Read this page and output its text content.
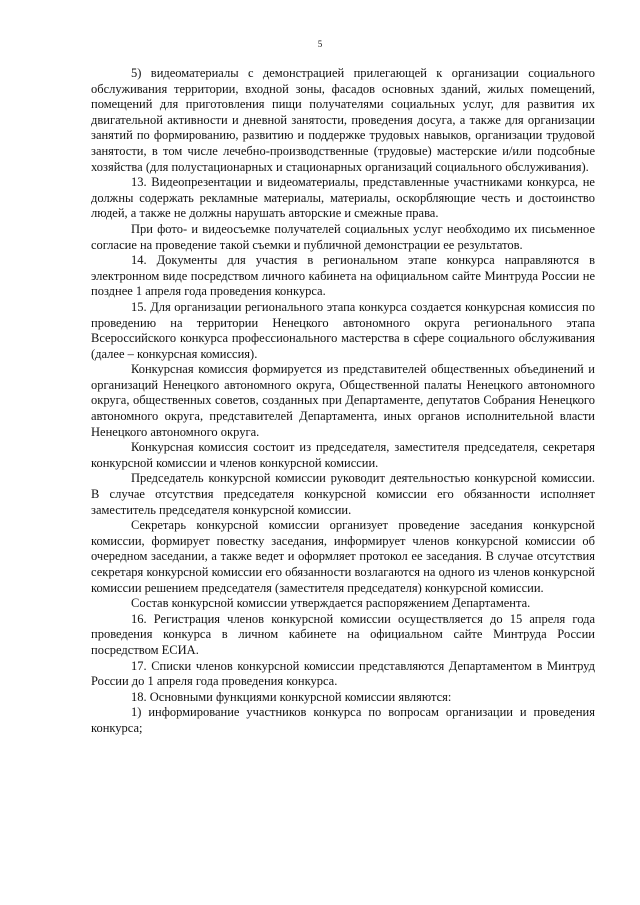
5

5) видеоматериалы с демонстрацией прилегающей к организации социального обслуживания территории, входной зоны, фасадов основных зданий, жилых помещений, помещений для приготовления пищи получателями социальных услуг, для развития их двигательной активности и дневной занятости, проведения досуга, а также для организации занятий по формированию, развитию и поддержке трудовых навыков, организации трудовой занятости, в том числе лечебно-производственные (трудовые) мастерские и/или подсобные хозяйства (для полустационарных и стационарных организаций социального обслуживания).

13. Видеопрезентации и видеоматериалы, представленные участниками конкурса, не должны содержать рекламные материалы, материалы, оскорбляющие честь и достоинство людей, а также не должны нарушать авторские и смежные права.

При фото- и видеосъемке получателей социальных услуг необходимо их письменное согласие на проведение такой съемки и публичной демонстрации ее результатов.

14. Документы для участия в региональном этапе конкурса направляются в электронном виде посредством личного кабинета на официальном сайте Минтруда России не позднее 1 апреля года проведения конкурса.

15. Для организации регионального этапа конкурса создается конкурсная комиссия по проведению на территории Ненецкого автономного округа регионального этапа Всероссийского конкурса профессионального мастерства в сфере социального обслуживания (далее – конкурсная комиссия).

Конкурсная комиссия формируется из представителей общественных объединений и организаций Ненецкого автономного округа, Общественной палаты Ненецкого автономного округа, общественных советов, созданных при Департаменте, депутатов Собрания Ненецкого автономного округа, представителей Департамента, иных органов исполнительной власти Ненецкого автономного округа.

Конкурсная комиссия состоит из председателя, заместителя председателя, секретаря конкурсной комиссии и членов конкурсной комиссии.

Председатель конкурсной комиссии руководит деятельностью конкурсной комиссии. В случае отсутствия председателя конкурсной комиссии его обязанности исполняет заместитель председателя конкурсной комиссии.

Секретарь конкурсной комиссии организует проведение заседания конкурсной комиссии, формирует повестку заседания, информирует членов конкурсной комиссии об очередном заседании, а также ведет и оформляет протокол ее заседания. В случае отсутствия секретаря конкурсной комиссии его обязанности возлагаются на одного из членов конкурсной комиссии решением председателя (заместителя председателя) конкурсной комиссии.

Состав конкурсной комиссии утверждается распоряжением Департамента.

16. Регистрация членов конкурсной комиссии осуществляется до 15 апреля года проведения конкурса в личном кабинете на официальном сайте Минтруда России посредством ЕСИА.

17. Списки членов конкурсной комиссии представляются Департаментом в Минтруд России до 1 апреля года проведения конкурса.

18. Основными функциями конкурсной комиссии являются:

1) информирование участников конкурса по вопросам организации и проведения конкурса;
